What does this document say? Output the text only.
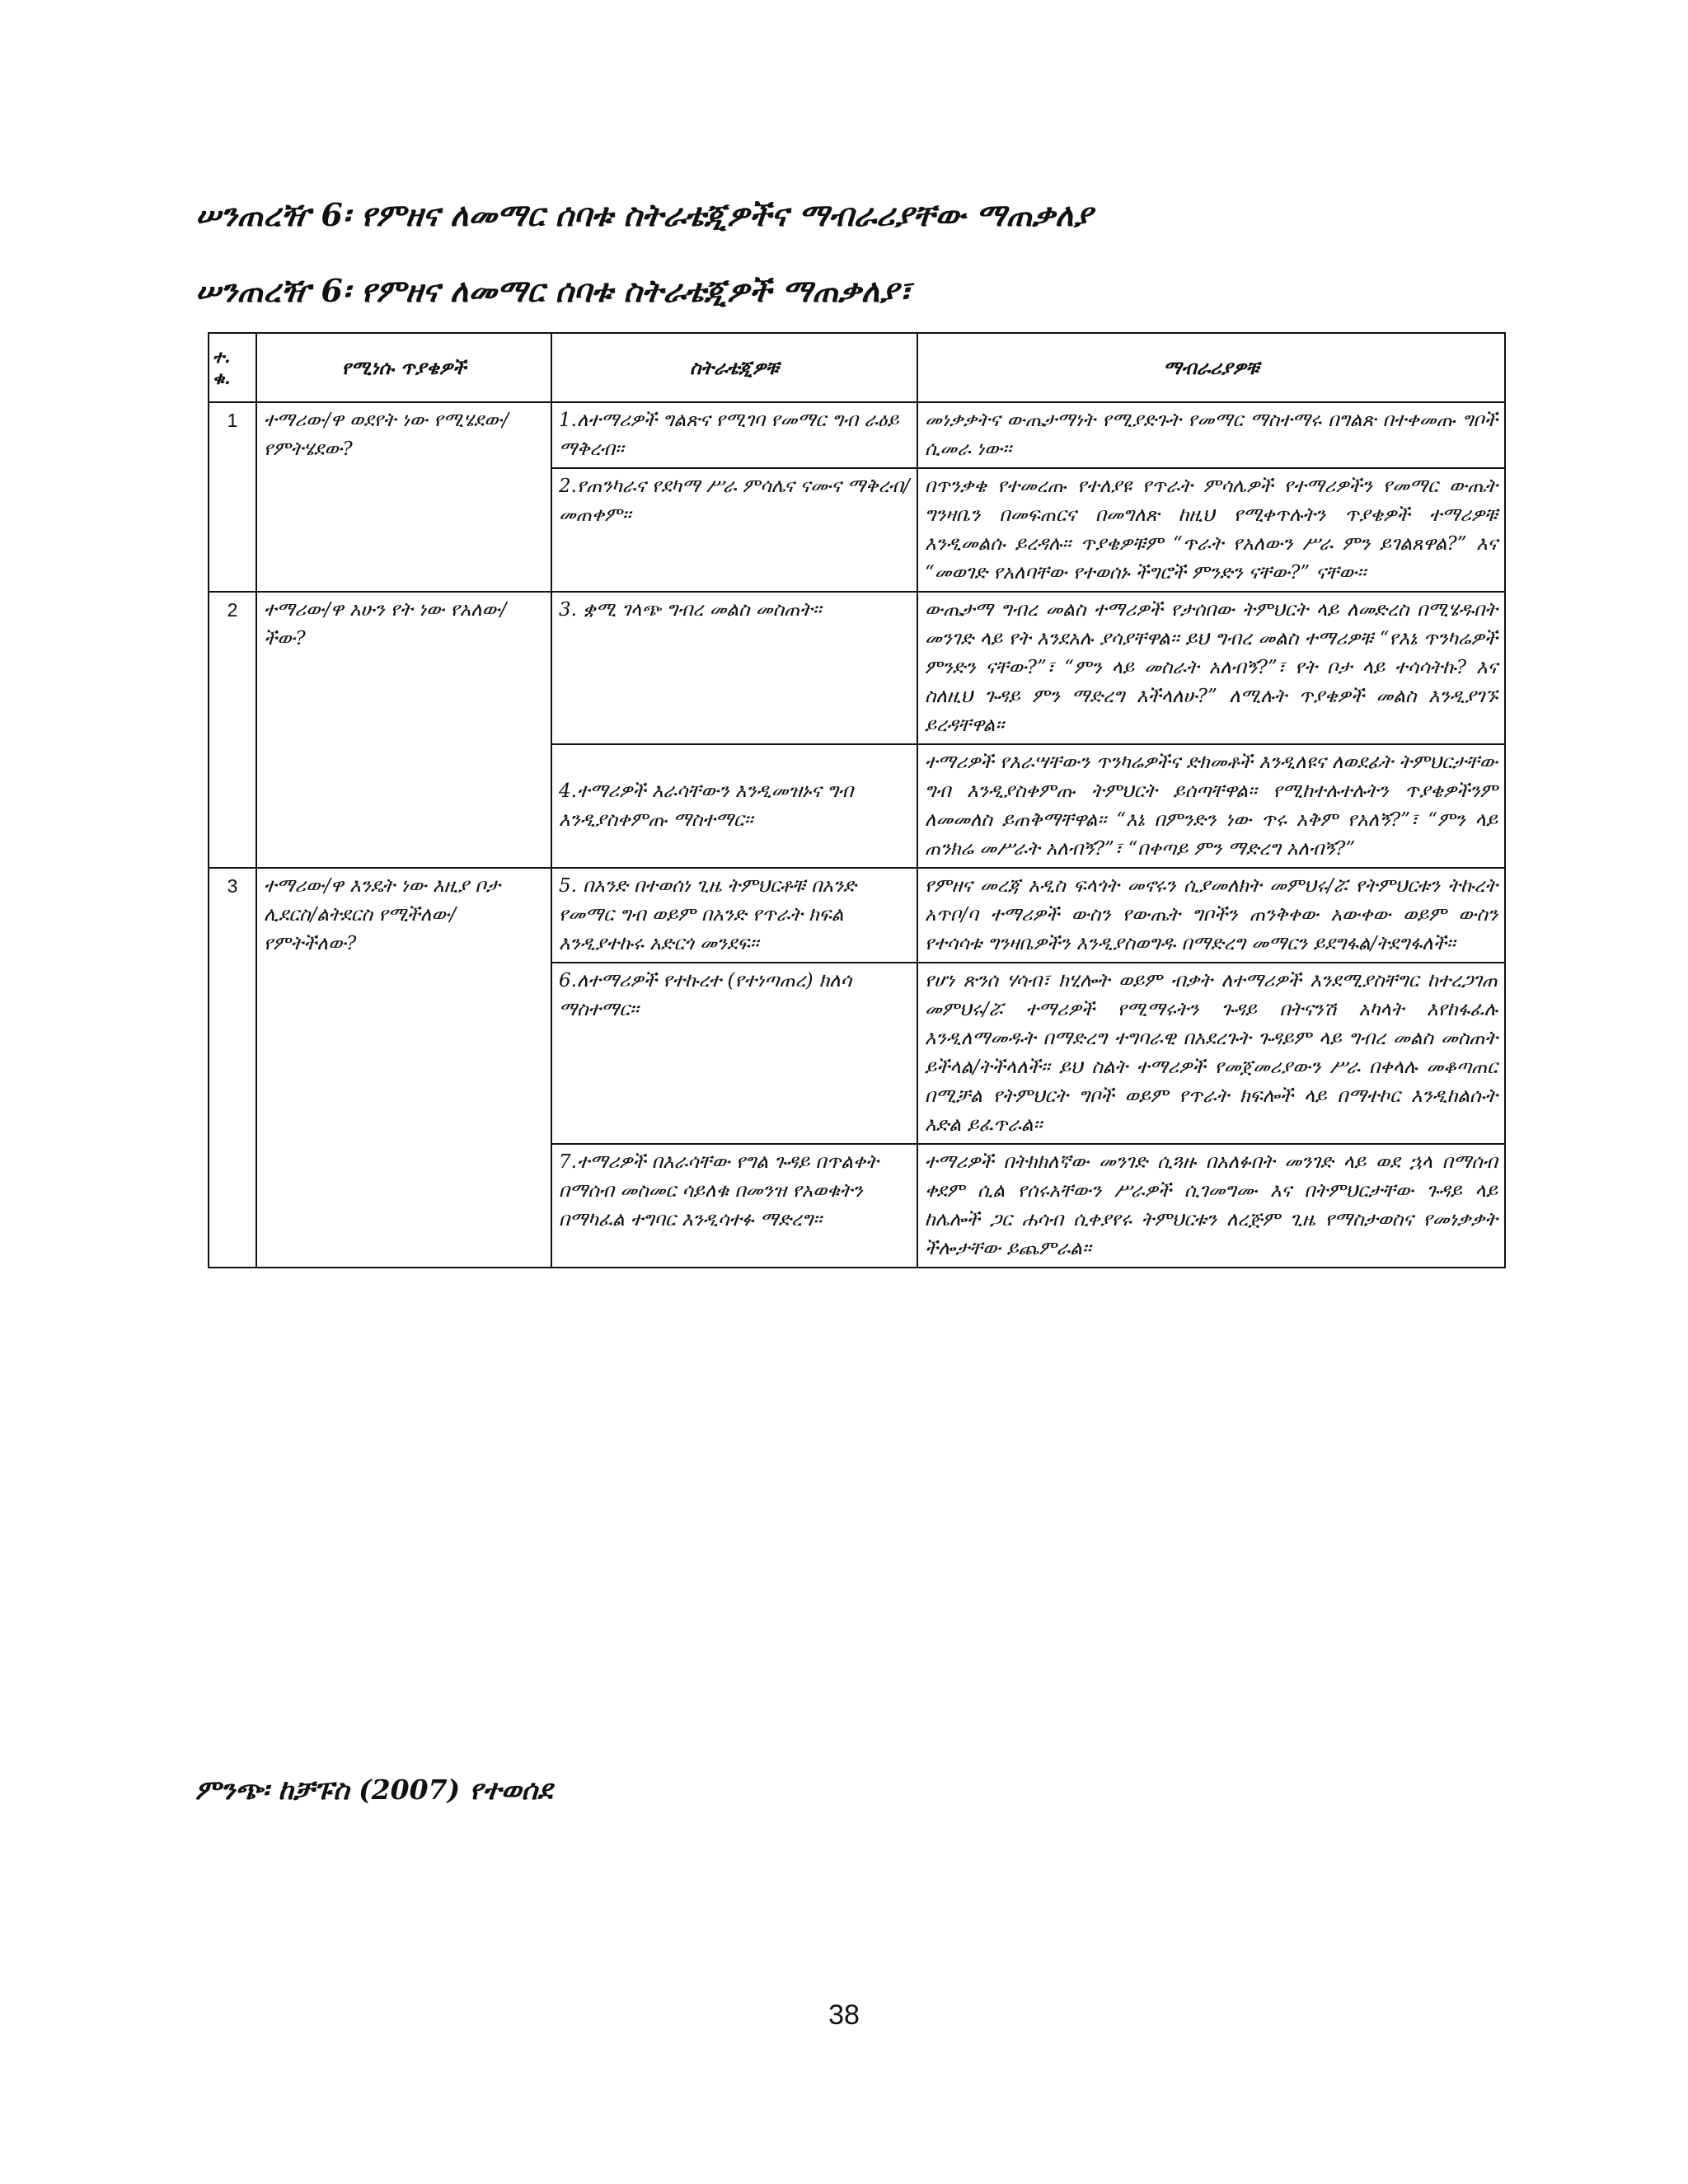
ሠንጠረዥ 6፡ የምዘና ለመማር ሰባቱ ስትራቴጂዎችና ማብራሪያቸው ማጠቃለያ
ሠንጠረዥ 6፡ የምዘና ለመማር ሰባቱ ስትራቴጂዎች ማጠቃለያ፣
ተ. ቁ.	የሚነሱ ጥያቄዎች	ስትራቴጂዎቹ	ማብራሪያዎቹ
1	ተማሪው/ዋ ወደየት ነው የሚሄደው/ የምትሄደው?	1.ለተማሪዎች ግልጽና የሚገባ የመማር ግብ ራዕይ ማቅረብ፡፡	መነቃቃትና ውጤታማነት የሚያድጉት የመማር ማስተማሩ በግልጽ በተቀመጡ ግቦች ሲመራ ነው፡፡
		2.የጠንካራና የደካማ ሥራ ምሳሌና ናሙና ማቅረብ/ መጠቀም፡፡	በጥንቃቄ የተመረጡ የተለያዩ የጥራት ምሳሌዎች የተማሪዎችን የመማር ውጤት ግንዛቤን በመፍጠርና በመግለጽ ከዚህ የሚቀጥሉትን ጥያቄዎች ተማሪዎቹ እንዲመልሱ ይረዳሉ፡፡ ጥያቄዎቹም “ጥራት የአለውን ሥራ ምን ይገልጸዋል?” እና “መወገድ የአለባቸው የተወሰኑ ችግሮች ምንድን ናቸው?” ናቸው፡፡
2	ተማሪው/ዋ አሁን የት ነው የአለው/ ችው?	3. ቋሚ ገላጭ ግብረ መልስ መስጠት፡፡	ውጤታማ ግብረ መልስ ተማሪዎች የታሰበው ትምህርት ላይ ለመድረስ በሚሄዱበት መንገድ ላይ የት እንደአሉ ያሳያቸዋል፡፡ ይህ ግብረ መልስ ተማሪዎቹ “የእኔ ጥንካሬዎች ምንድን ናቸው?”፣ “ምን ላይ መስራት አለብኝ?”፣ የት ቦታ ላይ ተሳሳትኩ? እና ስለዚህ ጉዳይ ምን ማድረግ እችላለሁ?” ለሚሉት ጥያቄዎች መልስ እንዲያገኙ ይረዳቸዋል፡፡
		4.ተማሪዎች እራሳቸውን እንዲመዝኑና ግብ እንዲያስቀምጡ ማስተማር፡፡	ተማሪዎች የእራሣቸውን ጥንካሬዎችና ድክመቶች እንዲለዩና ለወደፊት ትምህርታቸው ግብ እንዲያስቀምጡ ትምህርት ይሰጣቸዋል፡፡ የሚከተሉተሉትን ጥያቄዎችንም ለመመለስ ይጠቅማቸዋል፡፡ “እኔ በምንድን ነው ጥሩ አቅም የአለኝ?”፣ “ምን ላይ ጠንክሬ መሥራት አለብኝ?”፣ “በቀጣይ ምን ማድረግ አለብኝ?”
3	ተማሪው/ዋ እንዴት ነው እዚያ ቦታ ሊደርስ/ልትደርስ የሚችለው/የምትችለው?	5. በአንድ በተወሰነ ጊዜ ትምህርቶቹ በአንድ የመማር ግብ ወይም በአንድ የጥራት ክፍል እንዲያተኩሩ አድርጎ መንደፍ፡፡	የምዘና መረጃ አዲስ ፍላጎት መኖሩን ሲያመለክት መምህሩ/ሯ የትምህርቱን ትኩረት አጥቦ/ባ ተማሪዎች ውስን የውጤት ግቦችን ጠንቅቀው አውቀው ወይም ውስን የተሳሳቱ ግንዛቤዎችን እንዲያስወግዱ በማድረግ መማርን ይደግፋል/ትደግፋለች፡፡
		6.ለተማሪዎች የተኩረተ (የተነጣጠረ) ክለሳ ማስተማር፡፡	የሆነ ጽንሰ ሃሳብ፣ ክሂሎት ወይም ብቃት ለተማሪዎች እንደሚያስቸግር ከተረጋገጠ መምህሩ/ሯ ተማሪዎች የሚማሩትን ጉዳይ በትናንሽ አካላት እየከፋፈሉ እንዲለማመዱት በማድረግ ተግባራዊ በአደረጉት ጉዳይም ላይ ግብረ መልስ መስጠት ይችላል/ትችላለች፡፡ ይህ ስልት ተማሪዎች የመጀመሪያውን ሥራ በቀላሉ መቆጣጠር በሚቻል የትምህርት ግቦች ወይም የጥራት ክፍሎች ላይ በማተኮር እንዲከልሱት እድል ይፈጥራል፡፡
		7.ተማሪዎች በእራሳቸው የግል ጉዳይ በጥልቀት በማሰብ መስመር ሳይለቁ በመንዝ የአወቁትን በማካፈል ተግባር እንዲሳተፉ ማድረግ፡፡	ተማሪዎች በትክክለኛው መንገድ ሲጓዙ በአለፉበት መንገድ ላይ ወደ ኋላ በማሰብ ቀደም ሲል የሰሩአቸውን ሥራዎች ሲገመግሙ እና በትምህርታቸው ጉዳይ ላይ ከሌሎች ጋር ሐሳብ ሲቀያየሩ ትምህርቱን ለረጅም ጊዜ የማስታወስና የመነቃቃት ችሎታቸው ይጨምራል፡፡
ምንጭ፡ ከቻፑስ (2007) የተወሰደ
38
